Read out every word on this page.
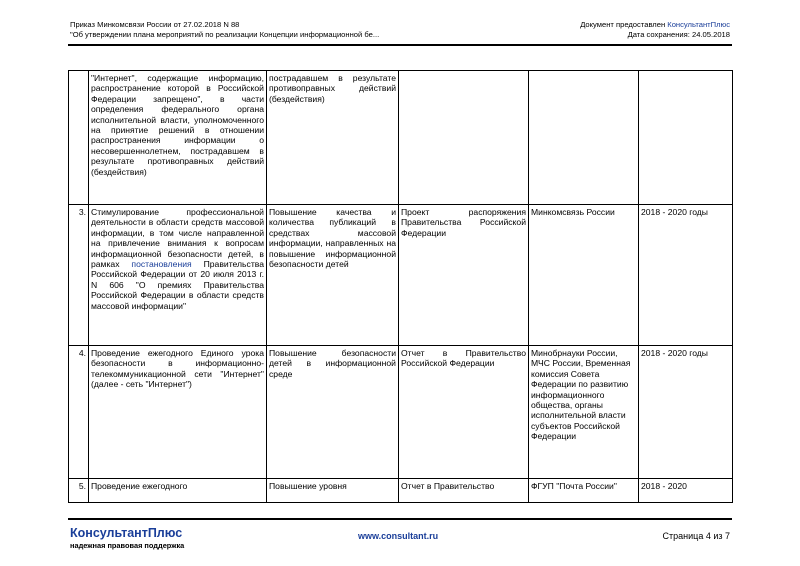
Приказ Минкомсвязи России от 27.02.2018 N 88
"Об утверждении плана мероприятий по реализации Концепции информационной бе...
Документ предоставлен КонсультантПлюс
Дата сохранения: 24.05.2018
	"Интернет", содержащие информацию, распространение которой в Российской Федерации запрещено", в части определения федерального органа исполнительной власти, уполномоченного на принятие решений в отношении распространения информации о несовершеннолетнем, пострадавшем в результате противоправных действий (бездействия)	пострадавшем в результате противоправных действий (бездействия)			
3.	Стимулирование профессиональной деятельности в области средств массовой информации, в том числе направленной на привлечение внимания к вопросам информационной безопасности детей, в рамках постановления Правительства Российской Федерации от 20 июля 2013 г. N 606 "О премиях Правительства Российской Федерации в области средств массовой информации"	Повышение качества и количества публикаций в средствах массовой информации, направленных на повышение информационной безопасности детей	Проект распоряжения Правительства Российской Федерации	Минкомсвязь России	2018 - 2020 годы
4.	Проведение ежегодного Единого урока безопасности в информационно-телекоммуникационной сети "Интернет" (далее - сеть "Интернет")	Повышение безопасности детей в информационной среде	Отчет в Правительство Российской Федерации	Минобрнауки России, МЧС России, Временная комиссия Совета Федерации по развитию информационного общества, органы исполнительной власти субъектов Российской Федерации	2018 - 2020 годы
5.	Проведение ежегодного	Повышение уровня	Отчет в Правительство	ФГУП "Почта России"	2018 - 2020
КонсультантПлюс
надежная правовая поддержка
www.consultant.ru	Страница 4 из 7
